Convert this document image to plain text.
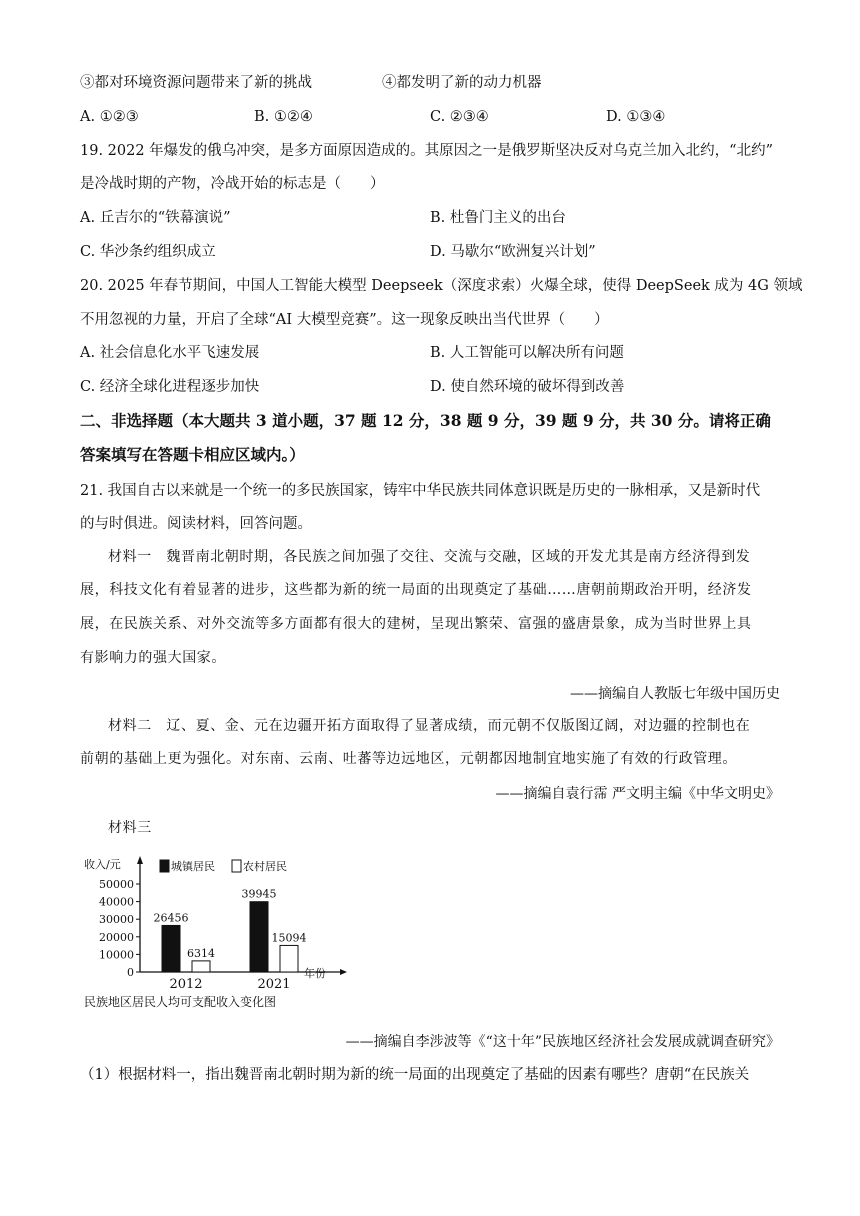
③都对环境资源问题带来了新的挑战	④都发明了新的动力机器
A. ①②③	B. ①②④	C. ②③④	D. ①③④
19. 2022 年爆发的俄乌冲突，是多方面原因造成的。其原因之一是俄罗斯坚决反对乌克兰加入北约，“北约”
是冷战时期的产物，冷战开始的标志是（　　）
A. 丘吉尔的“铁幕演说”	B. 杜鲁门主义的出台
C. 华沙条约组织成立	D. 马歇尔“欧洲复兴计划”
20. 2025 年春节期间，中国人工智能大模型 Deepseek（深度求索）火爆全球，使得 DeepSeek 成为 4G 领域
不用忽视的力量，开启了全球“AI 大模型竞赛”。这一现象反映出当代世界（　　）
A. 社会信息化水平飞速发展	B. 人工智能可以解决所有问题
C. 经济全球化进程逐步加快	D. 使自然环境的破坏得到改善
二、非选择题（本大题共 3 道小题，37 题 12 分，38 题 9 分，39 题 9 分，共 30 分。请将正确
答案填写在答题卡相应区域内。）
21. 我国自古以来就是一个统一的多民族国家，铸牢中华民族共同体意识既是历史的一脉相承，又是新时代
的与时俱进。阅读材料，回答问题。
材料一　魏晋南北朝时期，各民族之间加强了交往、交流与交融，区域的开发尤其是南方经济得到发
展，科技文化有着显著的进步，这些都为新的统一局面的出现奠定了基础……唐朝前期政治开明，经济发
展，在民族关系、对外交流等多方面都有很大的建树，呈现出繁荣、富强的盛唐景象，成为当时世界上具
有影响力的强大国家。
——摘编自人教版七年级中国历史
材料二　辽、夏、金、元在边疆开拓方面取得了显著成绩，而元朝不仅版图辽阔，对边疆的控制也在
前朝的基础上更为强化。对东南、云南、吐蕃等边远地区，元朝都因地制宜地实施了有效的行政管理。
——摘编自袁行霈 严文明主编《中华文明史》
材料三
收入/元
0
10000
20000
30000
40000
50000
城镇居民	农村居民
26456
6314
2012
39945
15094
2021
年份
民族地区居民人均可支配收入变化图
——摘编自李涉波等《“这十年”民族地区经济社会发展成就调查研究》
（1）根据材料一，指出魏晋南北朝时期为新的统一局面的出现奠定了基础的因素有哪些？唐朝“在民族关
